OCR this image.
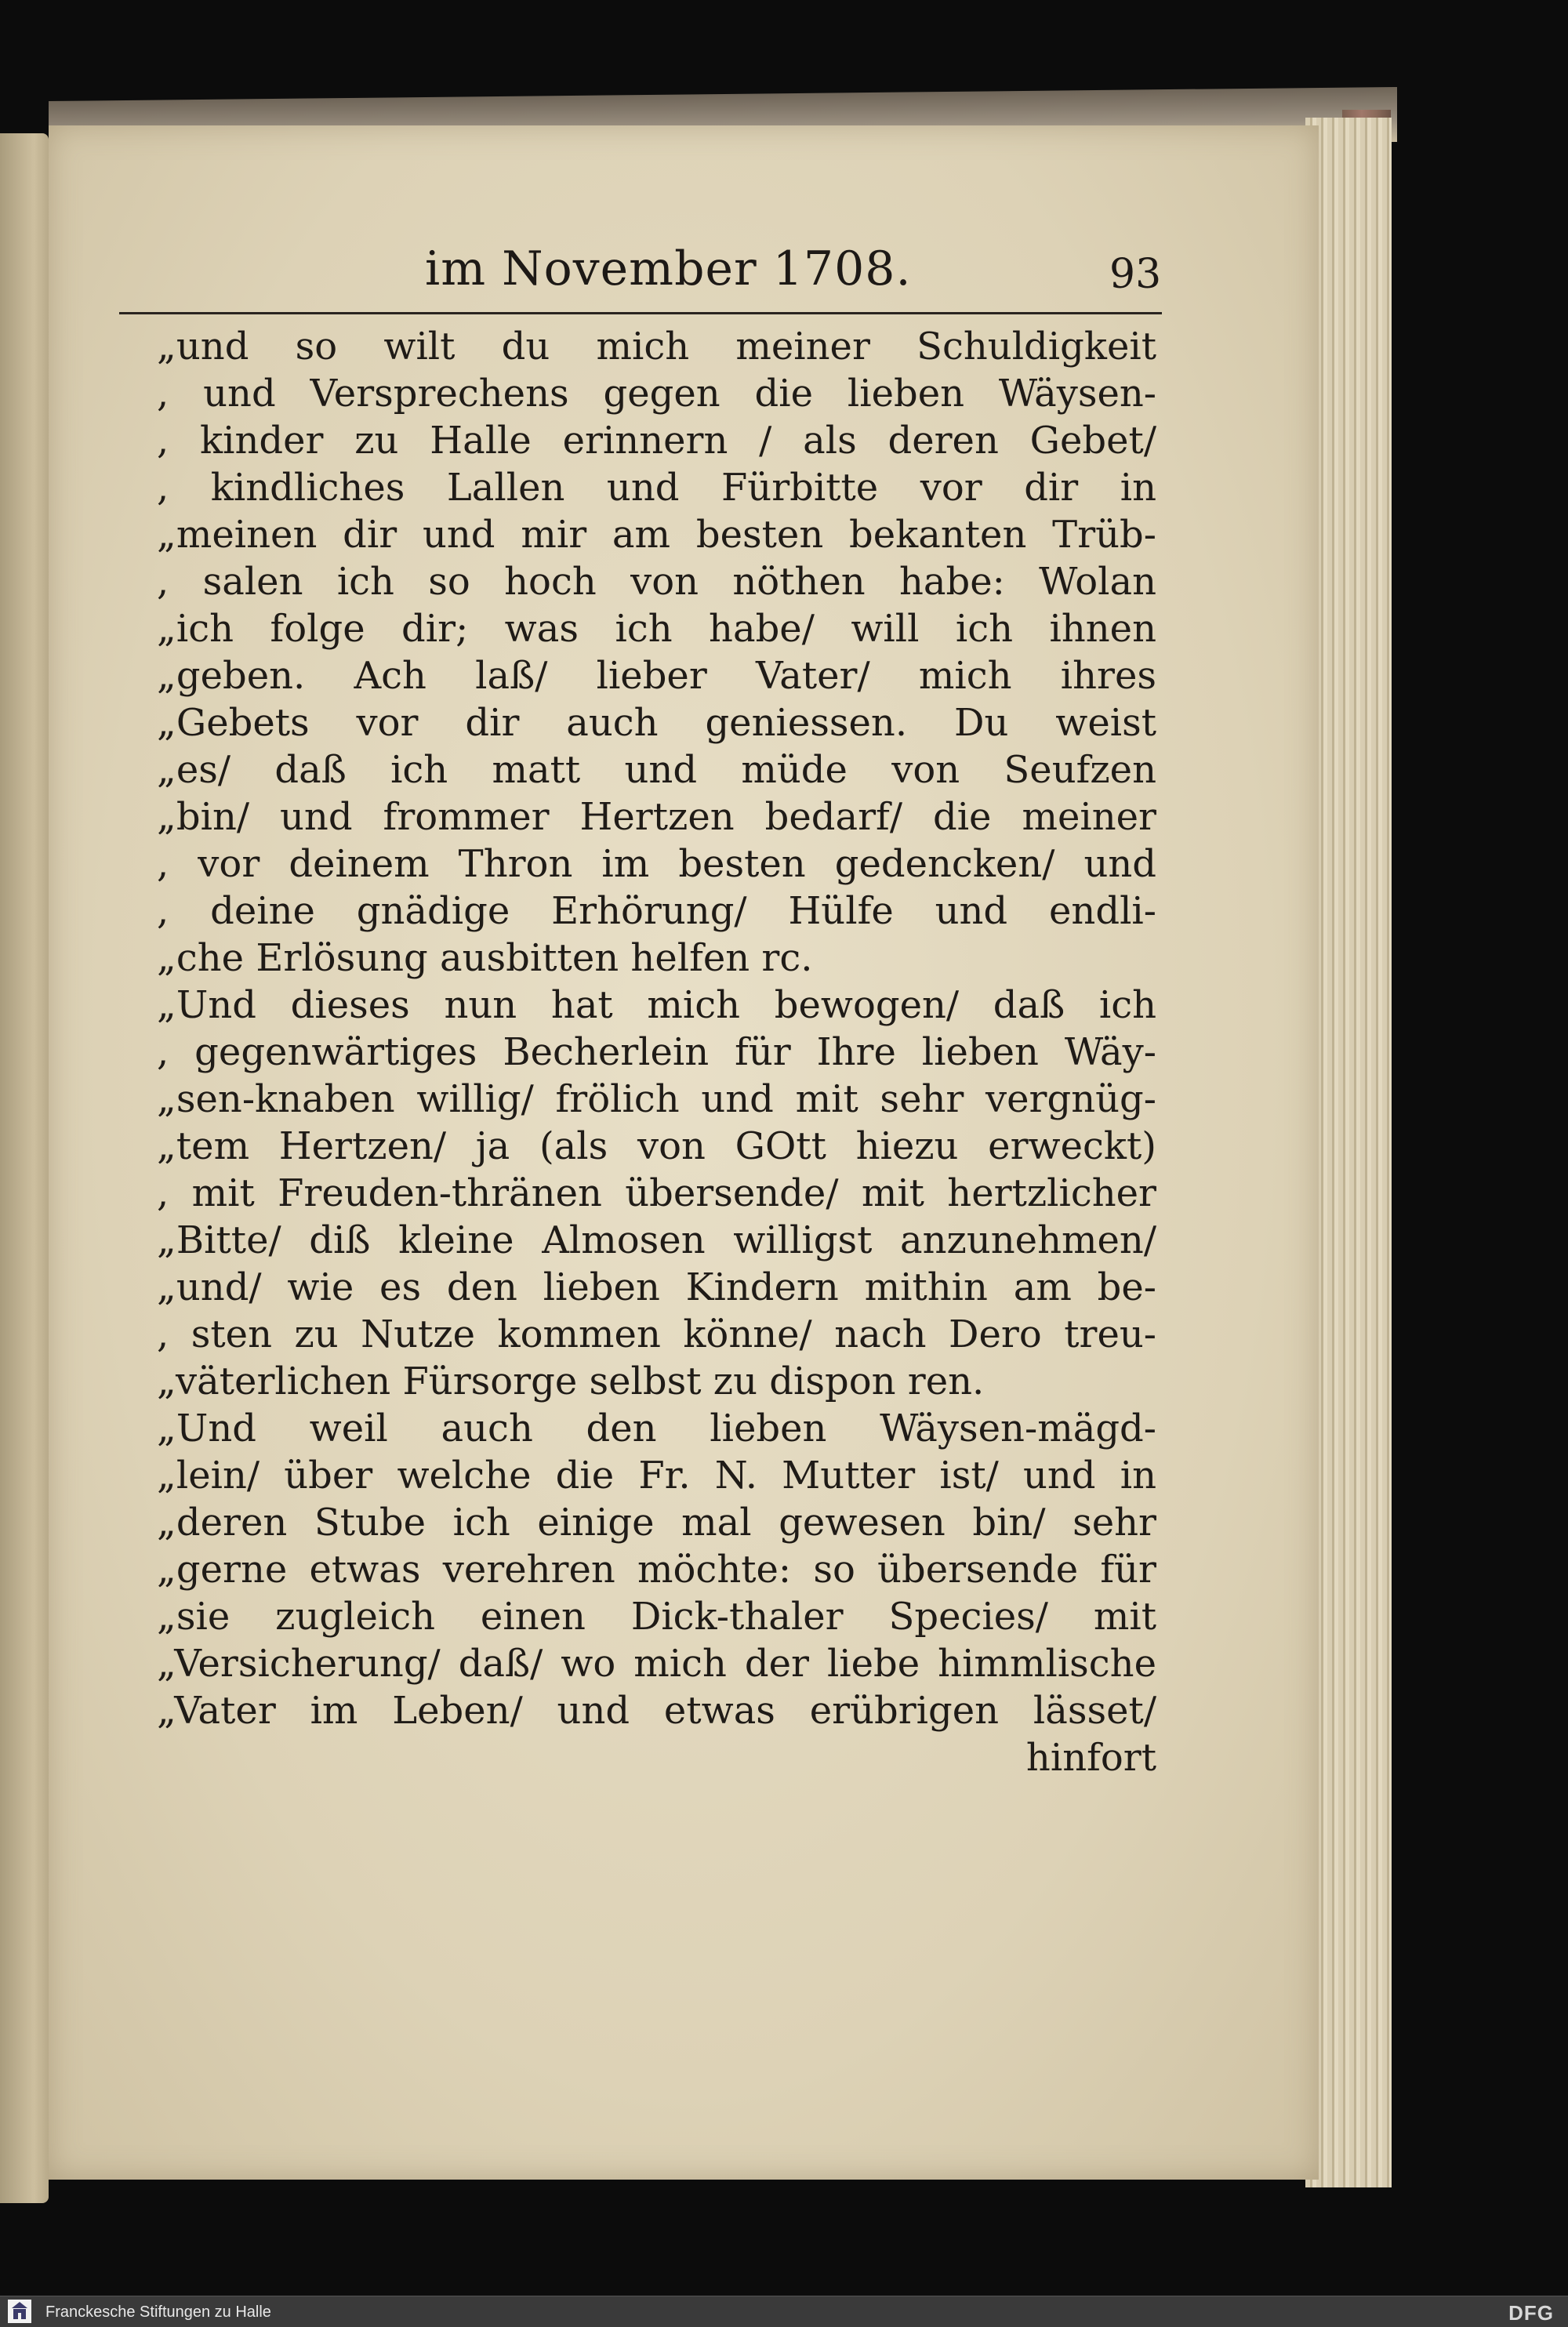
im November 1708.	93
„und so wilt du mich meiner Schuldigkeit
, und Versprechens gegen die lieben Wäysen-
, kinder zu Halle erinnern / als deren Gebet/
, kindliches Lallen und Fürbitte vor dir in
„meinen dir und mir am besten bekanten Trüb-
, salen ich so hoch von nöthen habe: Wolan
„ich folge dir; was ich habe/ will ich ihnen
„geben. Ach laß/ lieber Vater/ mich ihres
„Gebets vor dir auch geniessen. Du weist
„es/ daß ich matt und müde von Seufzen
„bin/ und frommer Hertzen bedarf/ die meiner
, vor deinem Thron im besten gedencken/ und
, deine gnädige Erhörung/ Hülfe und endli-
„che Erlösung ausbitten helfen rc.
„Und dieses nun hat mich bewogen/ daß ich
, gegenwärtiges Becherlein für Ihre lieben Wäy-
„sen-knaben willig/ frölich und mit sehr vergnüg-
„tem Hertzen/ ja (als von GOtt hiezu erweckt)
, mit Freuden-thränen übersende/ mit hertzlicher
„Bitte/ diß kleine Almosen willigst anzunehmen/
„und/ wie es den lieben Kindern mithin am be-
, sten zu Nutze kommen könne/ nach Dero treu-
„väterlichen Fürsorge selbst zu dispon ren.
„Und weil auch den lieben Wäysen-mägd-
„lein/ über welche die Fr. N. Mutter ist/ und in
„deren Stube ich einige mal gewesen bin/ sehr
„gerne etwas verehren möchte: so übersende für
„sie zugleich einen Dick-thaler Species/ mit
„Versicherung/ daß/ wo mich der liebe himmlische
„Vater im Leben/ und etwas erübrigen lässet/
hinfort
Franckesche Stiftungen zu Halle	DFG
